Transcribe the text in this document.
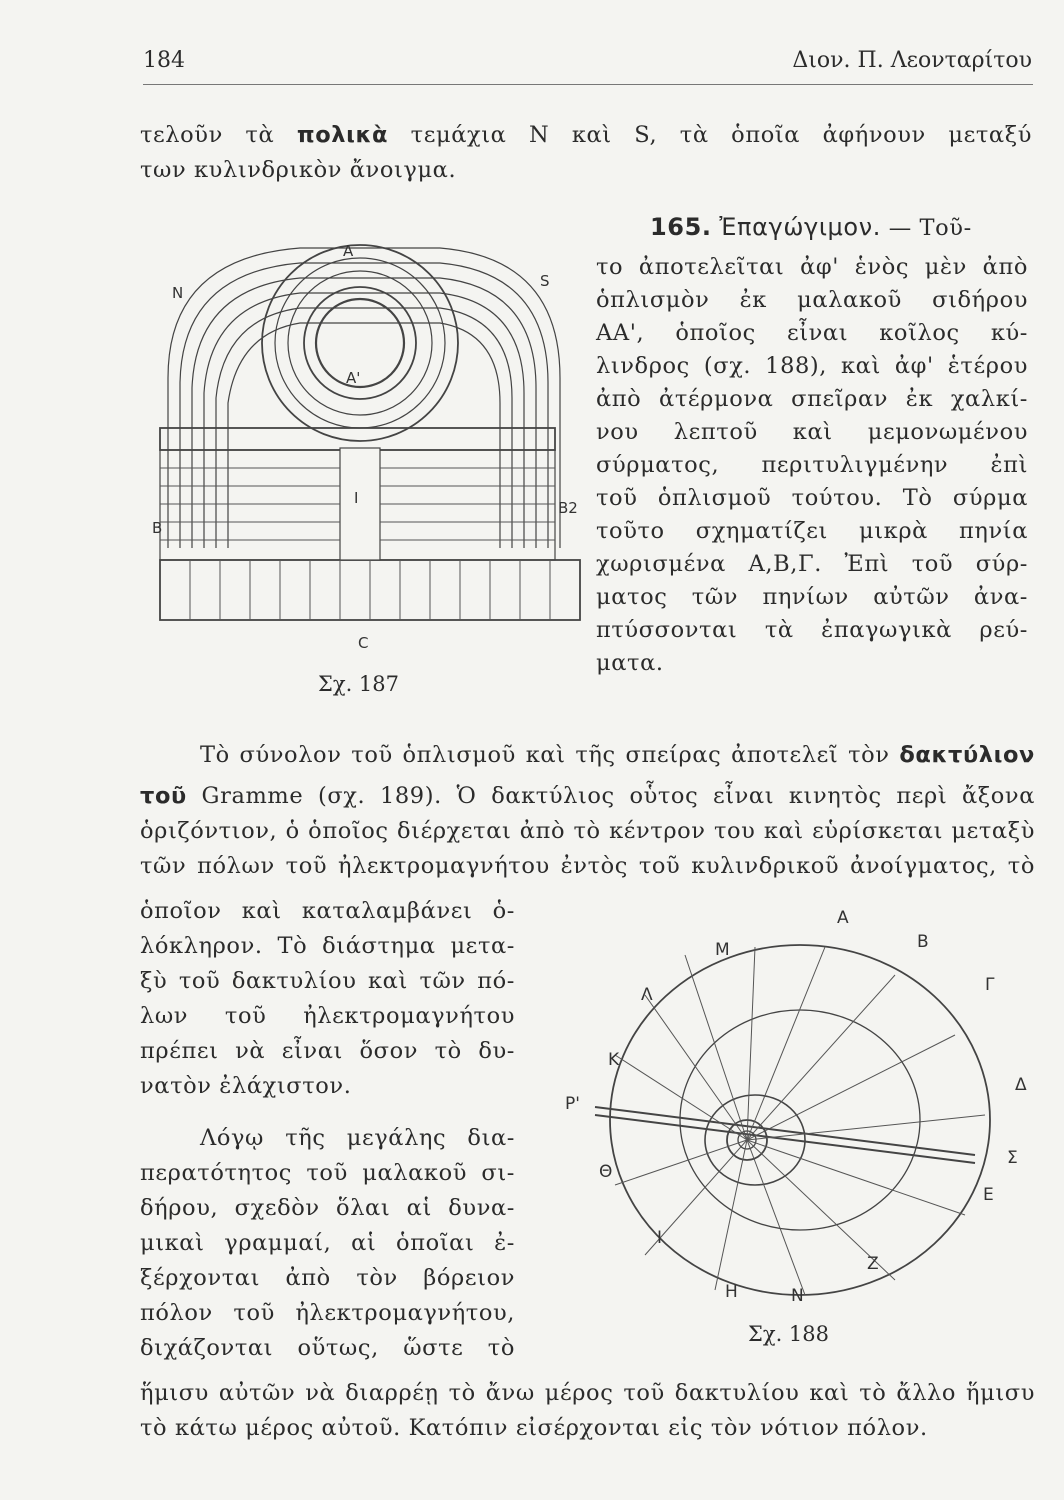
184	Διον. Π. Λεονταρίτου
τελοῦν τὰ πολικὰ τεμάχια N καὶ S, τὰ ὁποῖα ἀφήνουν μεταξύ
των κυλινδρικὸν ἄνοιγμα.
165. Ἐπαγώγιμον. — Τοῦ-
το ἀποτελεῖται ἀφ' ἑνὸς μὲν ἀπὸ
ὁπλισμὸν ἐκ μαλακοῦ σιδήρου
ΑΑ', ὁποῖος εἶναι κοῖλος κύ-
λινδρος (σχ. 188), καὶ ἀφ' ἑτέρου
ἀπὸ ἀτέρμονα σπεῖραν ἐκ χαλκί-
νου λεπτοῦ καὶ μεμονωμένου
σύρματος, περιτυλιγμένην ἐπὶ
τοῦ ὁπλισμοῦ τούτου. Τὸ σύρμα
τοῦτο σχηματίζει μικρὰ πηνία
χωρισμένα Α,Β,Γ. Ἐπὶ τοῦ σύρ-
ματος τῶν πηνίων αὐτῶν ἀνα-
πτύσσονται τὰ ἐπαγωγικὰ ρεύ-
ματα.
A
N
S
A'
I
B
B2
C
Σχ. 187
Τὸ σύνολον τοῦ ὁπλισμοῦ καὶ τῆς σπείρας ἀποτελεῖ τὸν δακτύλιον
τοῦ Gramme (σχ. 189). Ὁ δακτύλιος οὗτος εἶναι κινητὸς περὶ ἄξονα
ὁριζόντιον, ὁ ὁποῖος διέρχεται ἀπὸ τὸ κέντρον του καὶ εὑρίσκεται μεταξὺ
τῶν πόλων τοῦ ἠλεκτρομαγνήτου ἐντὸς τοῦ κυλινδρικοῦ ἀνοίγματος, τὸ
ὁποῖον καὶ καταλαμβάνει ὁ-
λόκληρον. Τὸ διάστημα μετα-
ξὺ τοῦ δακτυλίου καὶ τῶν πό-
λων τοῦ ἠλεκτρομαγνήτου
πρέπει νὰ εἶναι ὅσον τὸ δυ-
νατὸν ἐλάχιστον.
Λόγῳ τῆς μεγάλης δια-
περατότητος τοῦ μαλακοῦ σι-
δήρου, σχεδὸν ὅλαι αἱ δυνα-
μικαὶ γραμμαί, αἱ ὁποῖαι ἐ-
ξέρχονται ἀπὸ τὸν βόρειον
πόλον τοῦ ἠλεκτρομαγνήτου,
διχάζονται οὕτως, ὥστε τὸ
ἥμισυ αὐτῶν νὰ διαρρέῃ τὸ ἄνω μέρος τοῦ δακτυλίου καὶ τὸ ἄλλο ἥμισυ
τὸ κάτω μέρος αὐτοῦ. Κατόπιν εἰσέρχονται εἰς τὸν νότιον πόλον.
A
B
Γ
Δ
Σ
E
Z
N
H
I
Θ
P'
K
Λ
M
Σχ. 188
